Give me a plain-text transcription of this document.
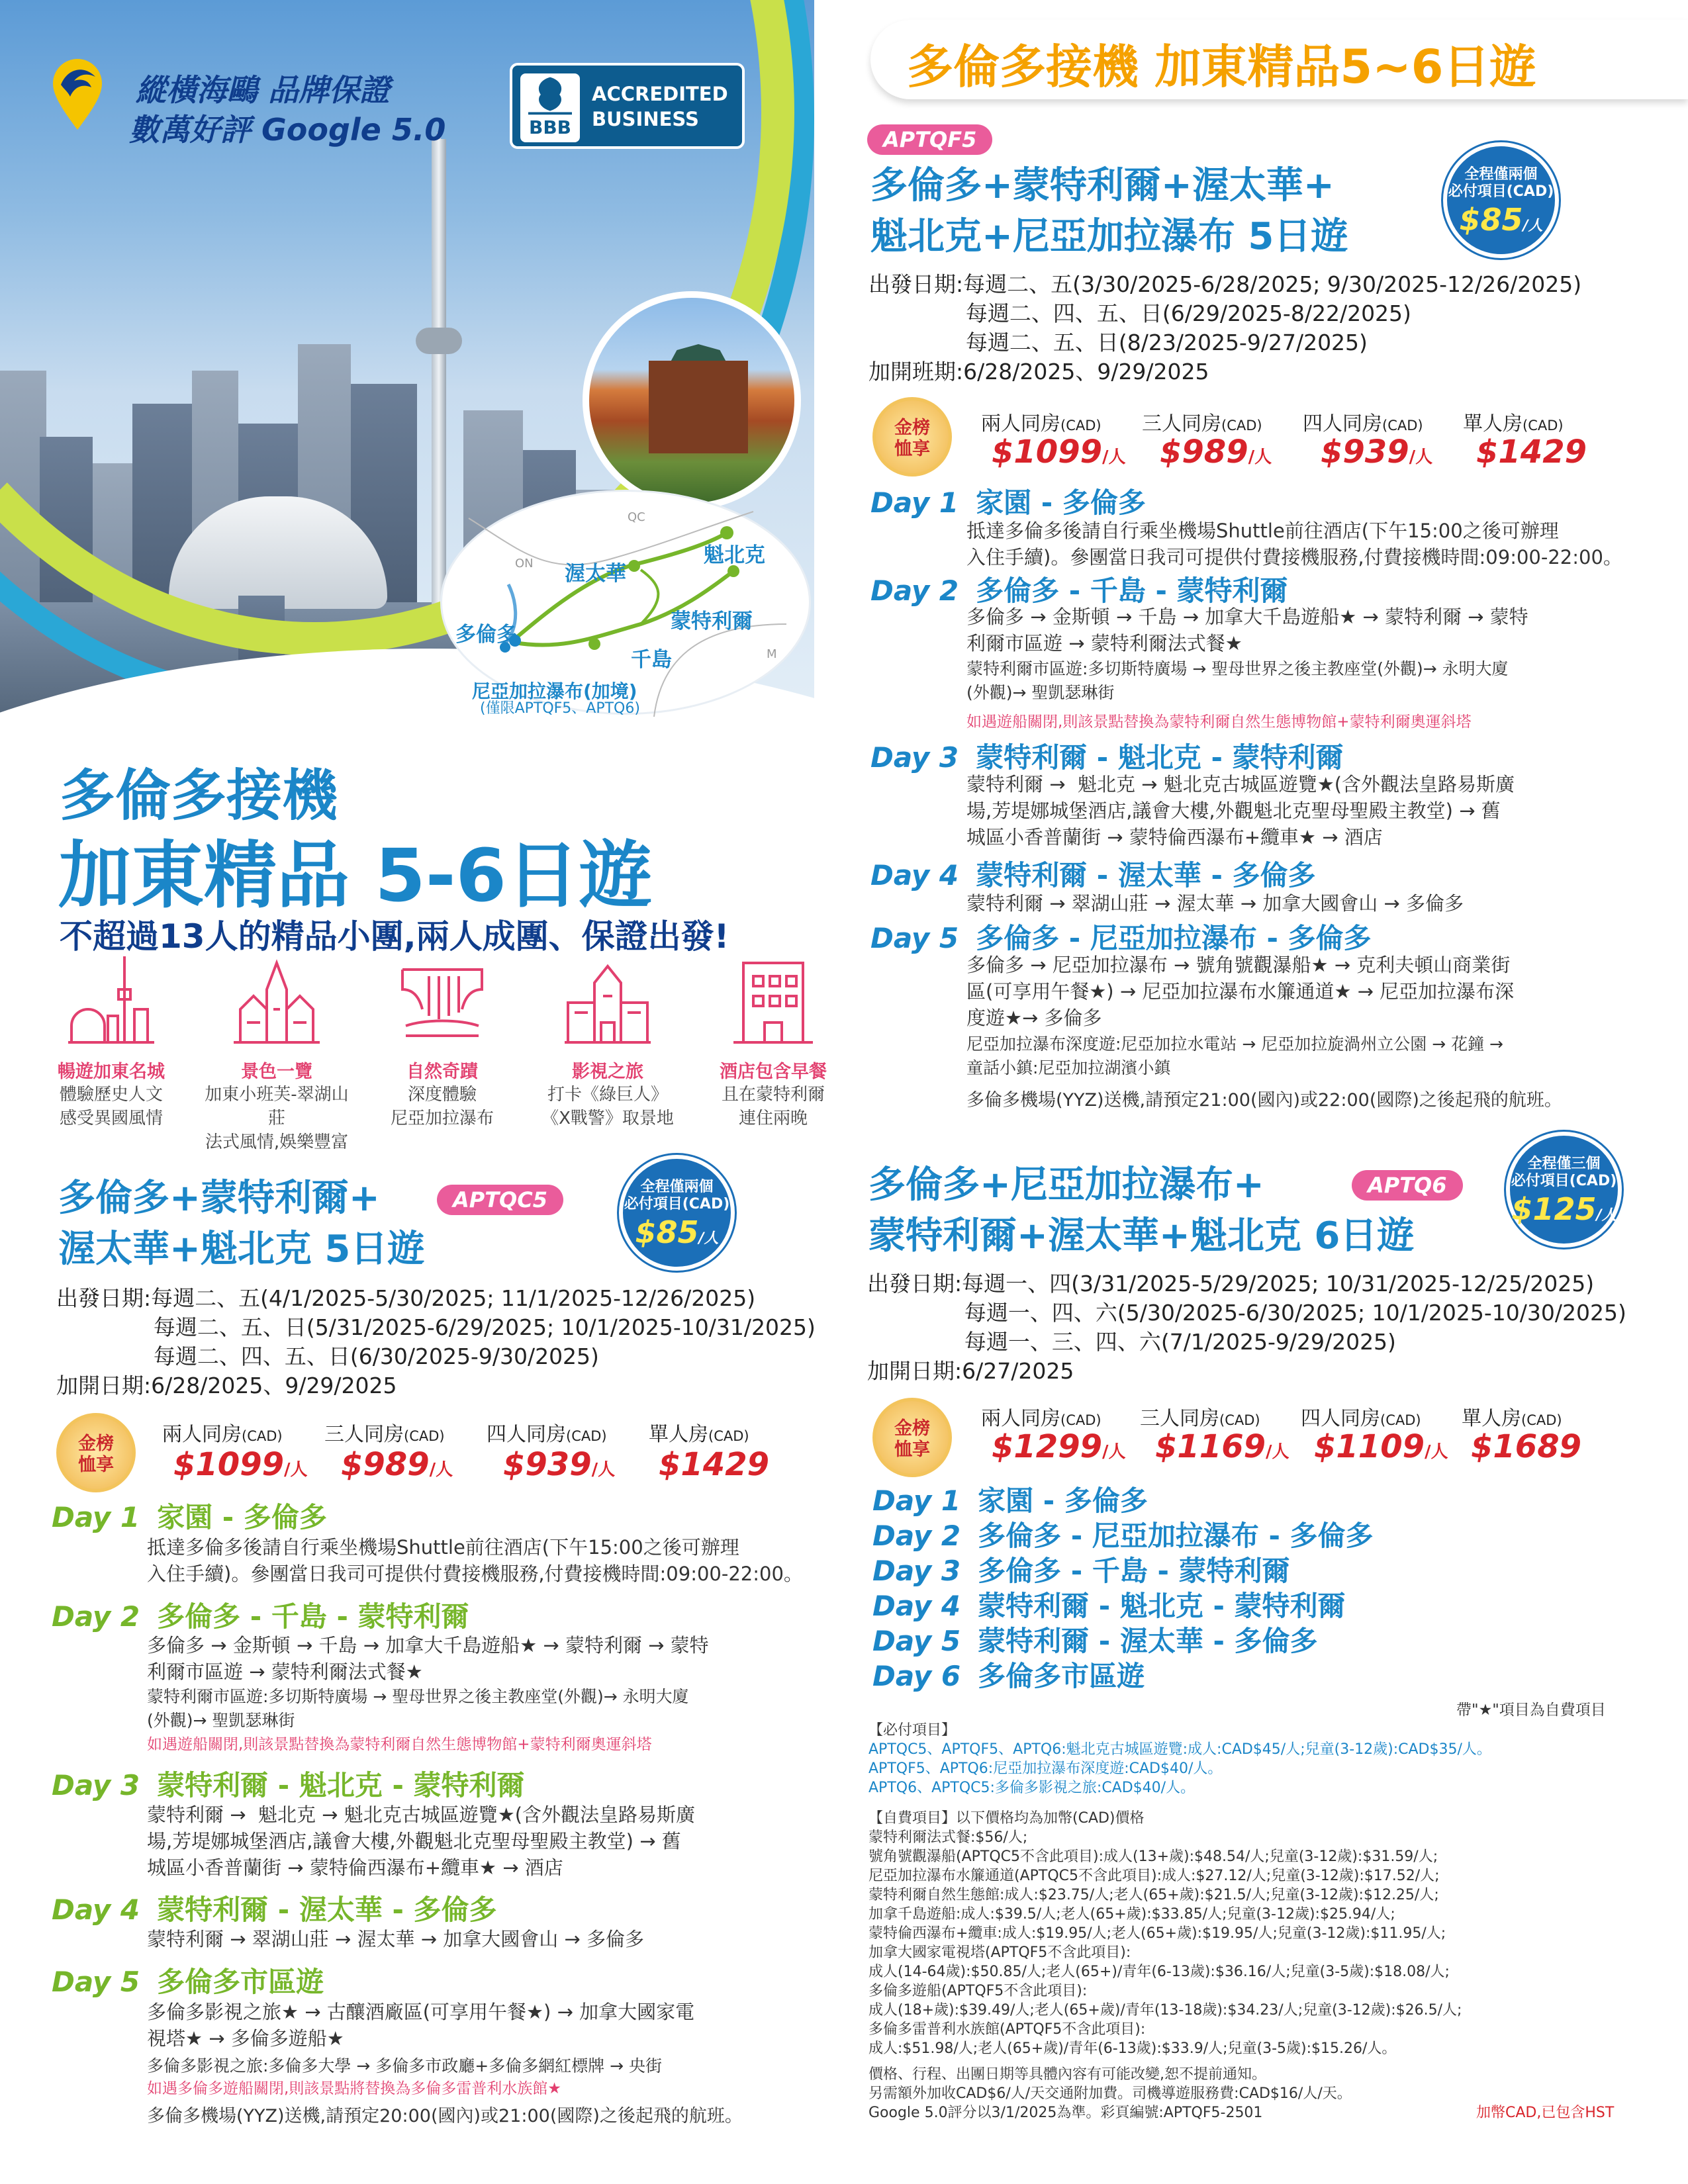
縱橫海鷗 品牌保證
數萬好評 Google 5.0	BBB
ACCREDITED
BUSINESS
魁北克
渥太華
多倫多
蒙特利爾
千島
尼亞加拉瀑布(加境)
QC
ON
M
(僅限APTQF5、APTQ6)
多倫多接機 加東精品5~6日遊
多倫多接機
加東精品 5-6日遊
不超過13人的精品小團,兩人成團、保證出發!
暢遊加東名城
體驗歷史人文
感受異國風情
景色一覽
加東小班芙-翠湖山莊
法式風情,娛樂豐富
自然奇蹟
深度體驗
尼亞加拉瀑布
影視之旅
打卡《綠巨人》
《X戰警》取景地
酒店包含早餐
且在蒙特利爾
連住兩晚
多倫多+蒙特利爾+
渥太華+魁北克 5日遊
APTQC5
全程僅兩個
必付項目(CAD)
$85/人
出發日期:每週二、五(4/1/2025-5/30/2025; 11/1/2025-12/26/2025)
每週二、五、日(5/31/2025-6/29/2025; 10/1/2025-10/31/2025)
每週二、四、五、日(6/30/2025-9/30/2025)
加開日期:6/28/2025、9/29/2025
金榜
恤享
兩人同房(CAD) 三人同房(CAD) 四人同房(CAD) 單人房(CAD)
$1099/人 $989/人 $939/人 $1429
Day 1 家園 - 多倫多
抵達多倫多後請自行乘坐機場Shuttle前往酒店(下午15:00之後可辦理
入住手續)。參團當日我司可提供付費接機服務,付費接機時間:09:00-22:00。
Day 2 多倫多 - 千島 - 蒙特利爾
多倫多 → 金斯頓 → 千島 → 加拿大千島遊船★ → 蒙特利爾 → 蒙特
利爾市區遊 → 蒙特利爾法式餐★
蒙特利爾市區遊:多切斯特廣場 → 聖母世界之後主教座堂(外觀)→ 永明大廈
(外觀)→ 聖凱瑟琳街
如遇遊船關閉,則該景點替換為蒙特利爾自然生態博物館+蒙特利爾奧運斜塔
Day 3 蒙特利爾 - 魁北克 - 蒙特利爾
蒙特利爾 →  魁北克 → 魁北克古城區遊覽★(含外觀法皇路易斯廣
場,芳堤娜城堡酒店,議會大樓,外觀魁北克聖母聖殿主教堂) → 舊
城區小香普蘭街 → 蒙特倫西瀑布+纜車★ → 酒店
Day 4 蒙特利爾 - 渥太華 - 多倫多
蒙特利爾 → 翠湖山莊 → 渥太華 → 加拿大國會山 → 多倫多
Day 5 多倫多市區遊
多倫多影視之旅★ → 古釀酒廠區(可享用午餐★) → 加拿大國家電
視塔★ → 多倫多遊船★
多倫多影視之旅:多倫多大學 → 多倫多市政廳+多倫多網紅標牌 → 央街
如遇多倫多遊船關閉,則該景點將替換為多倫多雷普利水族館★
多倫多機場(YYZ)送機,請預定20:00(國內)或21:00(國際)之後起飛的航班。
APTQF5
多倫多+蒙特利爾+渥太華+
魁北克+尼亞加拉瀑布 5日遊
全程僅兩個
必付項目(CAD)
$85/人
出發日期:每週二、五(3/30/2025-6/28/2025; 9/30/2025-12/26/2025)
每週二、四、五、日(6/29/2025-8/22/2025)
每週二、五、日(8/23/2025-9/27/2025)
加開班期:6/28/2025、9/29/2025
金榜
恤享
兩人同房(CAD) 三人同房(CAD) 四人同房(CAD) 單人房(CAD)
$1099/人 $989/人 $939/人 $1429
Day 1 家園 - 多倫多
抵達多倫多後請自行乘坐機場Shuttle前往酒店(下午15:00之後可辦理
入住手續)。參團當日我司可提供付費接機服務,付費接機時間:09:00-22:00。
Day 2 多倫多 - 千島 - 蒙特利爾
多倫多 → 金斯頓 → 千島 → 加拿大千島遊船★ → 蒙特利爾 → 蒙特
利爾市區遊 → 蒙特利爾法式餐★
蒙特利爾市區遊:多切斯特廣場 → 聖母世界之後主教座堂(外觀)→ 永明大廈
(外觀)→ 聖凱瑟琳街
如遇遊船關閉,則該景點替換為蒙特利爾自然生態博物館+蒙特利爾奧運斜塔
Day 3 蒙特利爾 - 魁北克 - 蒙特利爾
蒙特利爾 →  魁北克 → 魁北克古城區遊覽★(含外觀法皇路易斯廣
場,芳堤娜城堡酒店,議會大樓,外觀魁北克聖母聖殿主教堂) → 舊
城區小香普蘭街 → 蒙特倫西瀑布+纜車★ → 酒店
Day 4 蒙特利爾 - 渥太華 - 多倫多
蒙特利爾 → 翠湖山莊 → 渥太華 → 加拿大國會山 → 多倫多
Day 5 多倫多 - 尼亞加拉瀑布 - 多倫多
多倫多 → 尼亞加拉瀑布 → 號角號觀瀑船★ → 克利夫頓山商業街
區(可享用午餐★) → 尼亞加拉瀑布水簾通道★ → 尼亞加拉瀑布深
度遊★→ 多倫多
尼亞加拉瀑布深度遊:尼亞加拉水電站 → 尼亞加拉旋渦州立公園 → 花鐘 →
童話小鎮:尼亞加拉湖濱小鎮
多倫多機場(YYZ)送機,請預定21:00(國內)或22:00(國際)之後起飛的航班。
多倫多+尼亞加拉瀑布+
蒙特利爾+渥太華+魁北克 6日遊
APTQ6
全程僅三個
必付項目(CAD)
$125/人
出發日期:每週一、四(3/31/2025-5/29/2025; 10/31/2025-12/25/2025)
每週一、四、六(5/30/2025-6/30/2025; 10/1/2025-10/30/2025)
每週一、三、四、六(7/1/2025-9/29/2025)
加開日期:6/27/2025
金榜
恤享
兩人同房(CAD) 三人同房(CAD) 四人同房(CAD) 單人房(CAD)
$1299/人 $1169/人 $1109/人 $1689
Day 1 家園 - 多倫多
Day 2 多倫多 - 尼亞加拉瀑布 - 多倫多
Day 3 多倫多 - 千島 - 蒙特利爾
Day 4 蒙特利爾 - 魁北克 - 蒙特利爾
Day 5 蒙特利爾 - 渥太華 - 多倫多
Day 6 多倫多市區遊
帶"★"項目為自費項目
【必付項目】
APTQC5、APTQF5、APTQ6:魁北克古城區遊覽:成人:CAD$45/人;兒童(3-12歲):CAD$35/人。
APTQF5、APTQ6:尼亞加拉瀑布深度遊:CAD$40/人。
APTQ6、APTQC5:多倫多影視之旅:CAD$40/人。
【自費項目】以下價格均為加幣(CAD)價格
蒙特利爾法式餐:$56/人;
號角號觀瀑船(APTQC5不含此項目):成人(13+歲):$48.54/人;兒童(3-12歲):$31.59/人;
尼亞加拉瀑布水簾通道(APTQC5不含此項目):成人:$27.12/人;兒童(3-12歲):$17.52/人;
蒙特利爾自然生態館:成人:$23.75/人;老人(65+歲):$21.5/人;兒童(3-12歲):$12.25/人;
加拿千島遊船:成人:$39.5/人;老人(65+歲):$33.85/人;兒童(3-12歲):$25.94/人;
蒙特倫西瀑布+纜車:成人:$19.95/人;老人(65+歲):$19.95/人;兒童(3-12歲):$11.95/人;
加拿大國家電視塔(APTQF5不含此項目):
成人(14-64歲):$50.85/人;老人(65+)/青年(6-13歲):$36.16/人;兒童(3-5歲):$18.08/人;
多倫多遊船(APTQF5不含此項目):
成人(18+歲):$39.49/人;老人(65+歲)/青年(13-18歲):$34.23/人;兒童(3-12歲):$26.5/人;
多倫多雷普利水族館(APTQF5不含此項目):
成人:$51.98/人;老人(65+歲)/青年(6-13歲):$33.9/人;兒童(3-5歲):$15.26/人。
價格、行程、出團日期等具體內容有可能改變,恕不提前通知。
另需額外加收CAD$6/人/天交通附加費。司機導遊服務費:CAD$16/人/天。
Google 5.0評分以3/1/2025為準。彩頁編號:APTQF5-2501	加幣CAD,已包含HST
